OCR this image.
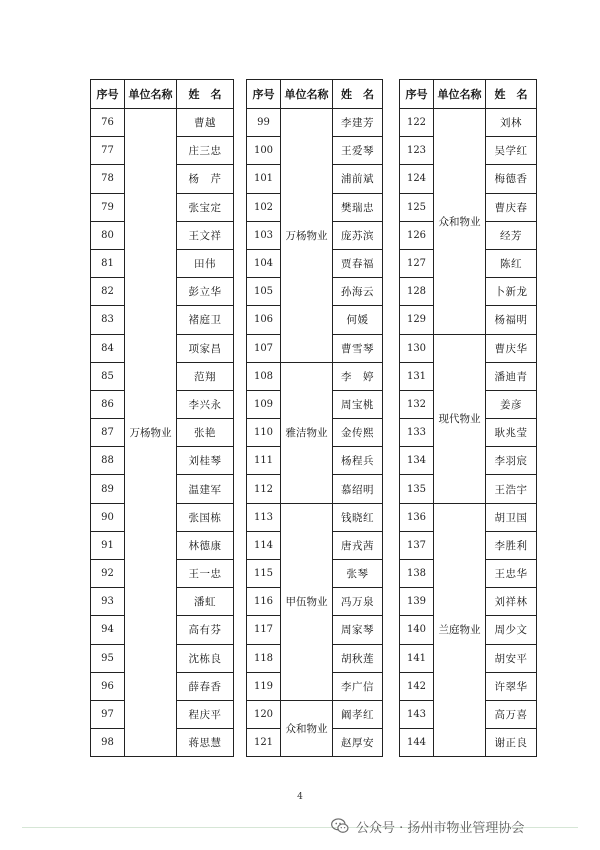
序号	单位名称	姓　名
76	万杨物业	曹越
77		庄三忠
78		杨　芹
79		张宝定
80		王文祥
81		田伟
82		彭立华
83		褚庭卫
84		项家昌
85		范翔
86		李兴永
87		张艳
88		刘桂琴
89		温建军
90		张国栋
91		林德康
92		王一忠
93		潘虹
94		高有芬
95		沈栋良
96		薛春香
97		程庆平
98		蒋思慧
序号	单位名称	姓　名
99	万杨物业	李建芳
100		王爱琴
101		浦前斌
102		樊瑞忠
103		庞苏滨
104		贾春福
105		孙海云
106		何媛
107		曹雪琴
108	雅洁物业	李　婷
109		周宝桃
110		金传熙
111		杨程兵
112		慕绍明
113	甲伍物业	钱晓红
114		唐戎茜
115		张琴
116		冯万泉
117		周家琴
118		胡秋莲
119		李广信
120	众和物业	阚孝红
121		赵厚安
序号	单位名称	姓　名
122	众和物业	刘林
123		吴学红
124		梅德香
125		曹庆春
126		经芳
127		陈红
128		卜新龙
129		杨福明
130	现代物业	曹庆华
131		潘迪青
132		姜彦
133		耿兆莹
134		李羽宸
135		王浩宇
136	兰庭物业	胡卫国
137		李胜利
138		王忠华
139		刘祥林
140		周少文
141		胡安平
142		许翠华
143		高万喜
144		谢正良
4
公众号 · 扬州市物业管理协会
